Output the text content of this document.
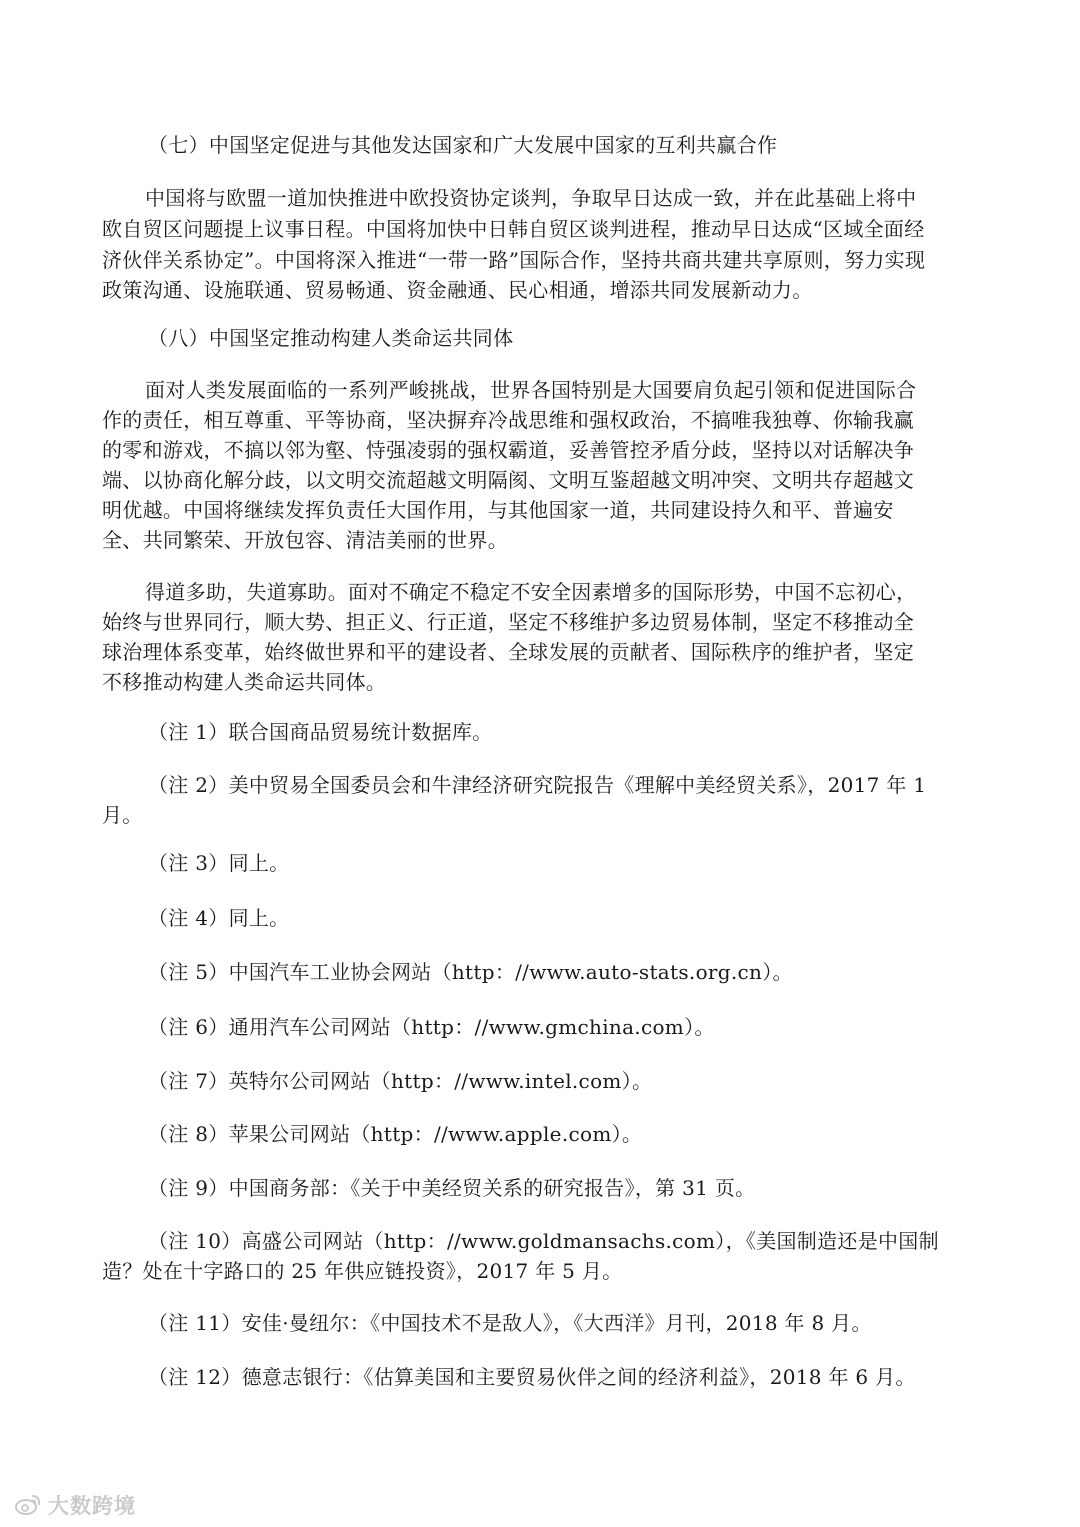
（七）中国坚定促进与其他发达国家和广大发展中国家的互利共赢合作
中国将与欧盟一道加快推进中欧投资协定谈判，争取早日达成一致，并在此基础上将中
欧自贸区问题提上议事日程。中国将加快中日韩自贸区谈判进程，推动早日达成“区域全面经
济伙伴关系协定”。中国将深入推进“一带一路”国际合作，坚持共商共建共享原则，努力实现
政策沟通、设施联通、贸易畅通、资金融通、民心相通，增添共同发展新动力。
（八）中国坚定推动构建人类命运共同体
面对人类发展面临的一系列严峻挑战，世界各国特别是大国要肩负起引领和促进国际合
作的责任，相互尊重、平等协商，坚决摒弃冷战思维和强权政治，不搞唯我独尊、你输我赢
的零和游戏，不搞以邻为壑、恃强凌弱的强权霸道，妥善管控矛盾分歧，坚持以对话解决争
端、以协商化解分歧，以文明交流超越文明隔阂、文明互鉴超越文明冲突、文明共存超越文
明优越。中国将继续发挥负责任大国作用，与其他国家一道，共同建设持久和平、普遍安
全、共同繁荣、开放包容、清洁美丽的世界。
得道多助，失道寡助。面对不确定不稳定不安全因素增多的国际形势，中国不忘初心，
始终与世界同行，顺大势、担正义、行正道，坚定不移维护多边贸易体制，坚定不移推动全
球治理体系变革，始终做世界和平的建设者、全球发展的贡献者、国际秩序的维护者，坚定
不移推动构建人类命运共同体。
（注 1）联合国商品贸易统计数据库。
（注 2）美中贸易全国委员会和牛津经济研究院报告《理解中美经贸关系》，2017 年 1
月。
（注 3）同上。
（注 4）同上。
（注 5）中国汽车工业协会网站（http：//www.auto-stats.org.cn）。
（注 6）通用汽车公司网站（http：//www.gmchina.com）。
（注 7）英特尔公司网站（http：//www.intel.com）。
（注 8）苹果公司网站（http：//www.apple.com）。
（注 9）中国商务部：《关于中美经贸关系的研究报告》，第 31 页。
（注 10）高盛公司网站（http：//www.goldmansachs.com），《美国制造还是中国制
造？处在十字路口的 25 年供应链投资》，2017 年 5 月。
（注 11）安佳·曼纽尔：《中国技术不是敌人》，《大西洋》月刊，2018 年 8 月。
（注 12）德意志银行：《估算美国和主要贸易伙伴之间的经济利益》，2018 年 6 月。
大数跨境
